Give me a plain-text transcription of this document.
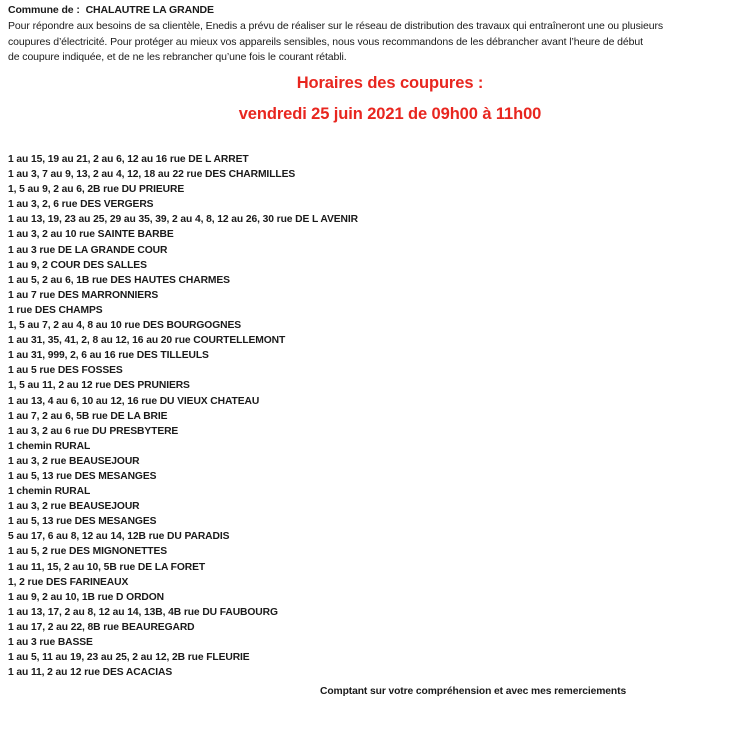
Commune de : CHALAUTRE LA GRANDE
Pour répondre aux besoins de sa clientèle, Enedis a prévu de réaliser sur le réseau de distribution des travaux qui entraîneront une ou plusieurs
coupures d’électricité. Pour protéger au mieux vos appareils sensibles, nous vous recommandons de les débrancher avant l’heure de début
de coupure indiquée, et de ne les rebrancher qu’une fois le courant rétabli.
Horaires des coupures :
vendredi 25 juin 2021 de 09h00 à 11h00
1 au 15, 19 au 21, 2 au 6, 12 au 16 rue DE L ARRET
1 au 3, 7 au 9, 13, 2 au 4, 12, 18 au 22 rue DES CHARMILLES
1, 5 au 9, 2 au 6, 2B rue DU PRIEURE
1 au 3, 2, 6 rue DES VERGERS
1 au 13, 19, 23 au 25, 29 au 35, 39, 2 au 4, 8, 12 au 26, 30 rue DE L AVENIR
1 au 3, 2 au 10 rue SAINTE BARBE
1 au 3 rue DE LA GRANDE COUR
1 au 9, 2 COUR DES SALLES
1 au 5, 2 au 6, 1B rue DES HAUTES CHARMES
1 au 7 rue DES MARRONNIERS
1 rue DES CHAMPS
1, 5 au 7, 2 au 4, 8 au 10 rue DES BOURGOGNES
1 au 31, 35, 41, 2, 8 au 12, 16 au 20 rue COURTELLEMONT
1 au 31, 999, 2, 6 au 16 rue DES TILLEULS
1 au 5 rue DES FOSSES
1, 5 au 11, 2 au 12 rue DES PRUNIERS
1 au 13, 4 au 6, 10 au 12, 16 rue DU VIEUX CHATEAU
1 au 7, 2 au 6, 5B rue DE LA BRIE
1 au 3, 2 au 6 rue DU PRESBYTERE
1 chemin RURAL
1 au 3, 2 rue BEAUSEJOUR
1 au 5, 13 rue DES MESANGES
1 chemin RURAL
1 au 3, 2 rue BEAUSEJOUR
1 au 5, 13 rue DES MESANGES
5 au 17, 6 au 8, 12 au 14, 12B rue DU PARADIS
1 au 5, 2 rue DES MIGNONETTES
1 au 11, 15, 2 au 10, 5B rue DE LA FORET
1, 2 rue DES FARINEAUX
1 au 9, 2 au 10, 1B rue D ORDON
1 au 13, 17, 2 au 8, 12 au 14, 13B, 4B rue DU FAUBOURG
1 au 17, 2 au 22, 8B rue BEAUREGARD
1 au 3 rue BASSE
1 au 5, 11 au 19, 23 au 25, 2 au 12, 2B rue FLEURIE
1 au 11, 2 au 12 rue DES ACACIAS
Comptant sur votre compréhension et avec mes remerciements
